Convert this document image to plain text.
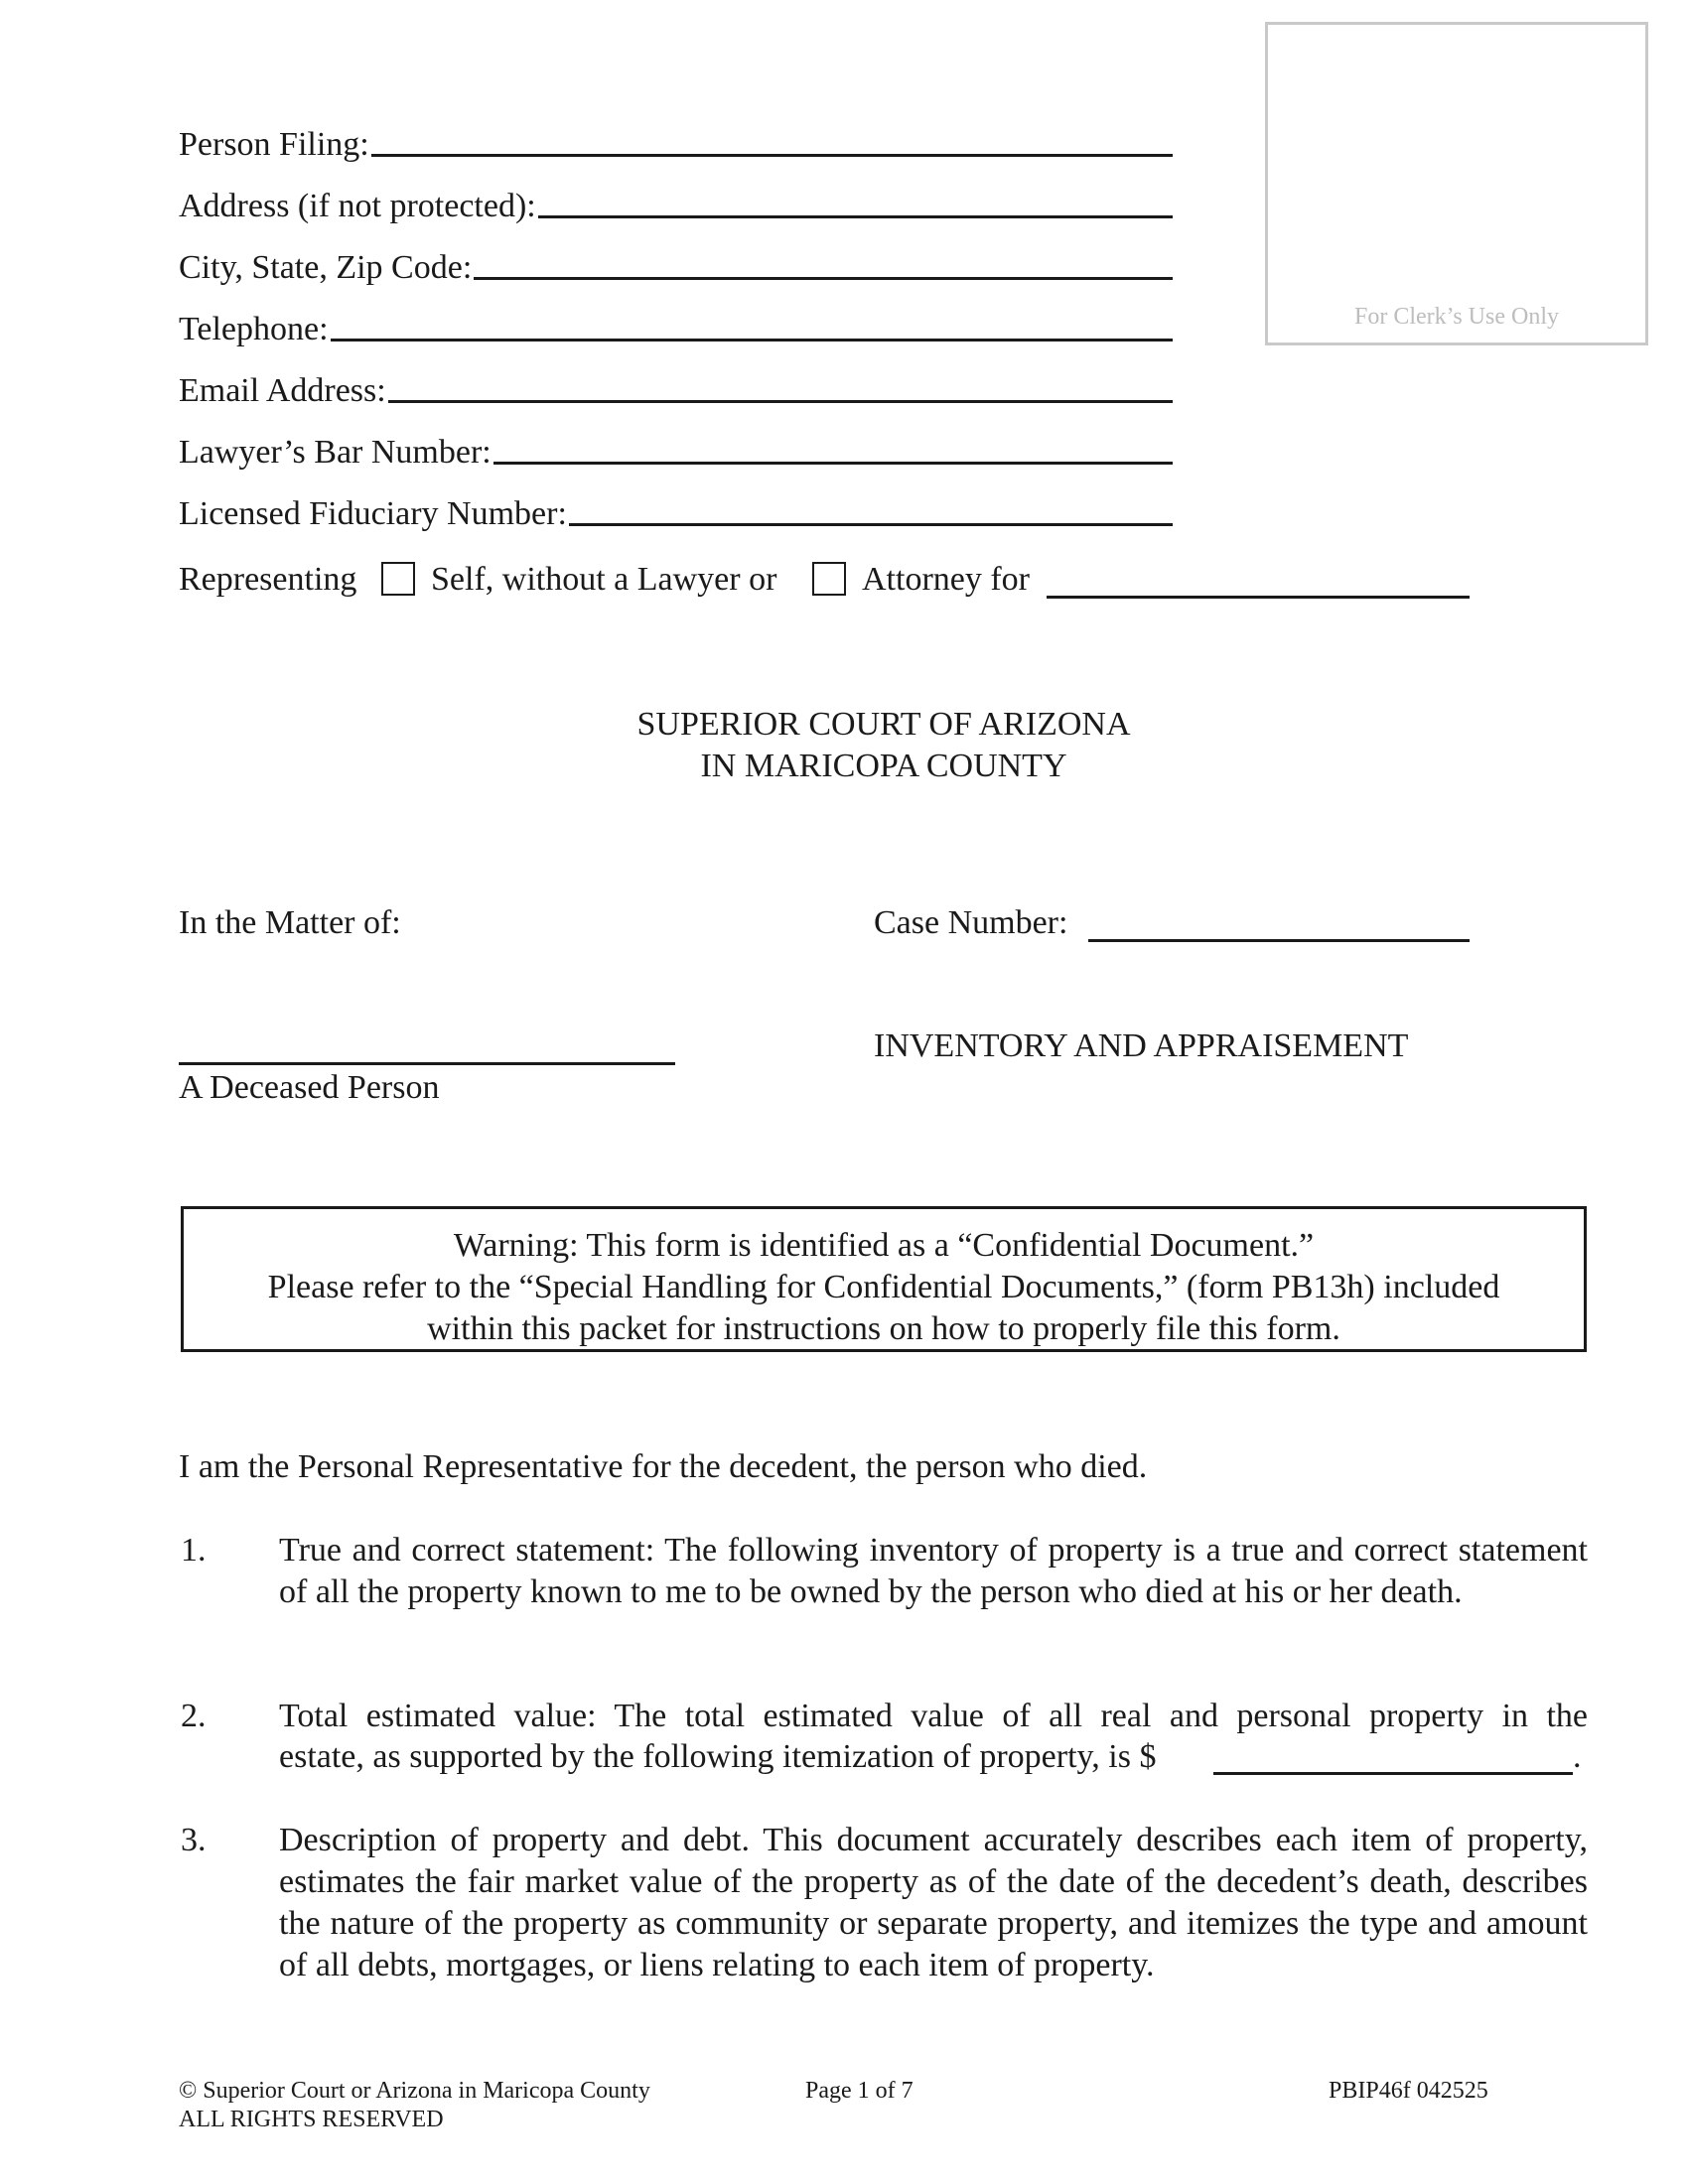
For Clerk’s Use Only
Person Filing:
Address (if not protected):
City, State, Zip Code:
Telephone:
Email Address:
Lawyer’s Bar Number:
Licensed Fiduciary Number:
Representing Self, without a Lawyer or	Attorney for
SUPERIOR COURT OF ARIZONA
IN MARICOPA COUNTY
In the Matter of:	Case Number:
A Deceased Person
INVENTORY AND APPRAISEMENT
Warning: This form is identified as a “Confidential Document.”
Please refer to the “Special Handling for Confidential Documents,” (form PB13h) included
within this packet for instructions on how to properly file this form.
I am the Personal Representative for the decedent, the person who died.
1. True and correct statement: The following inventory of property is a true and correct statement of all the property known to me to be owned by the person who died at his or her death.
2. Total estimated value: The total estimated value of all real and personal property in the
estate, as supported by the following itemization of property, is $	.
3. Description of property and debt. This document accurately describes each item of property, estimates the fair market value of the property as of the date of the decedent’s death, describes the nature of the property as community or separate property, and itemizes the type and amount of all debts, mortgages, or liens relating to each item of property.
© Superior Court or Arizona in Maricopa County
ALL RIGHTS RESERVED
Page 1 of 7	PBIP46f 042525
